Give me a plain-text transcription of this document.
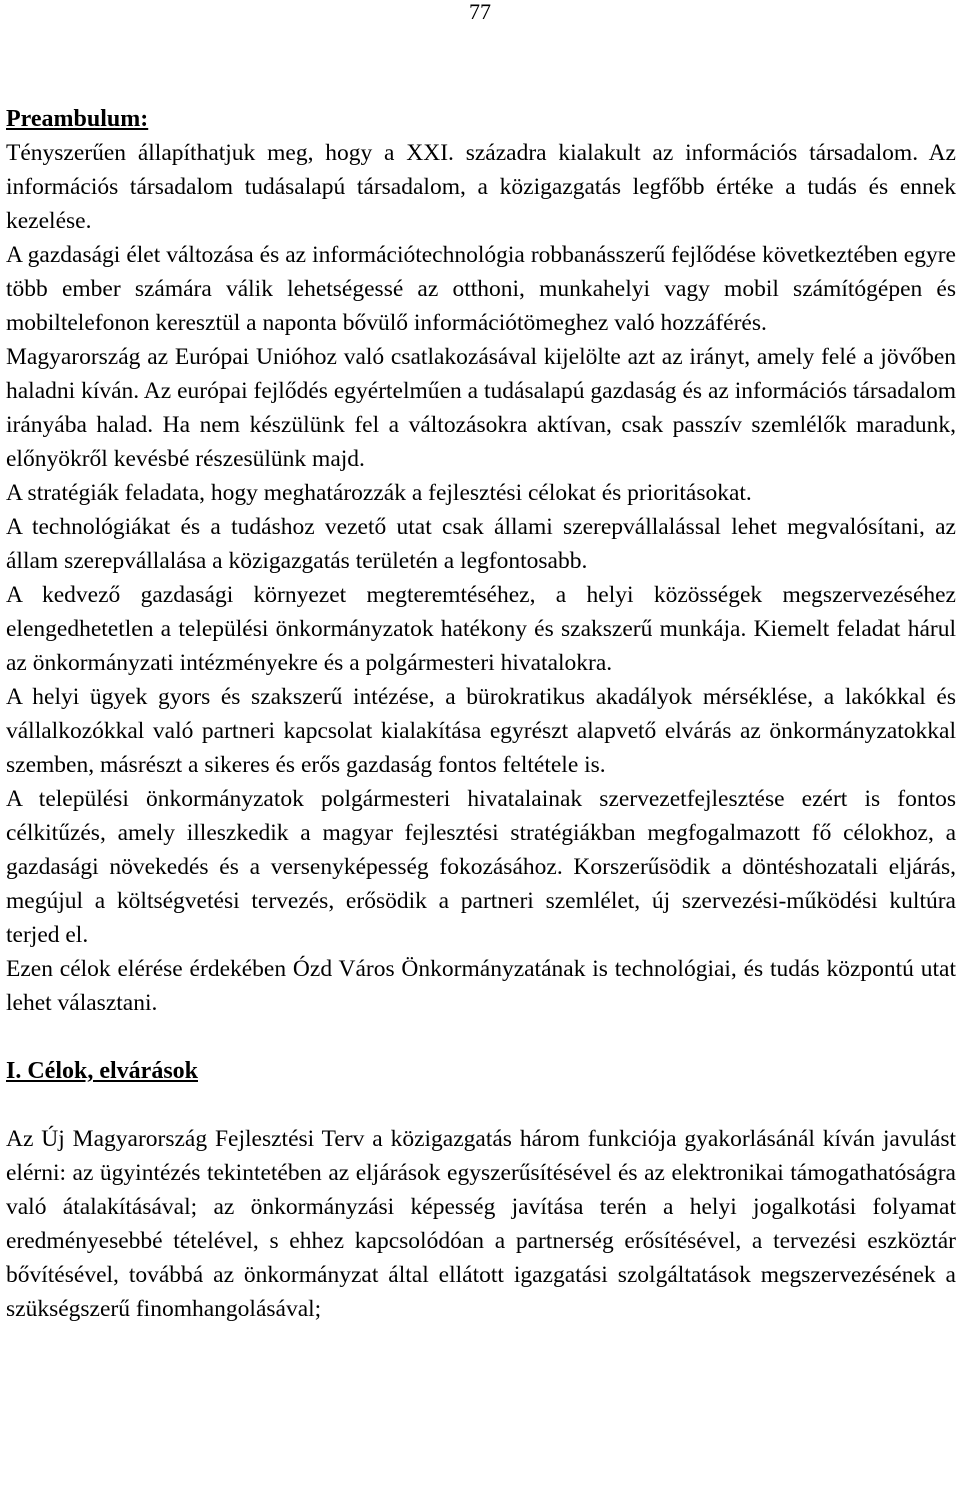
77

Preambulum:

Tényszerűen állapíthatjuk meg, hogy a XXI. századra kialakult az információs társadalom. Az információs társadalom tudásalapú társadalom, a közigazgatás legfőbb értéke a tudás és ennek kezelése.

A gazdasági élet változása és az információtechnológia robbanásszerű fejlődése következtében egyre több ember számára válik lehetségessé az otthoni, munkahelyi vagy mobil számítógépen és mobiltelefonon keresztül a naponta bővülő információtömeghez való hozzáférés.

Magyarország az Európai Unióhoz való csatlakozásával kijelölte azt az irányt, amely felé a jövőben haladni kíván. Az európai fejlődés egyértelműen a tudásalapú gazdaság és az információs társadalom irányába halad. Ha nem készülünk fel a változásokra aktívan, csak passzív szemlélők maradunk, előnyökről kevésbé részesülünk majd.

A stratégiák feladata, hogy meghatározzák a fejlesztési célokat és prioritásokat.

A technológiákat és a tudáshoz vezető utat csak állami szerepvállalással lehet megvalósítani, az állam szerepvállalása a közigazgatás területén a legfontosabb.

A kedvező gazdasági környezet megteremtéséhez, a helyi közösségek megszervezéséhez elengedhetetlen a települési önkormányzatok hatékony és szakszerű munkája. Kiemelt feladat hárul az önkormányzati intézményekre és a polgármesteri hivatalokra.

A helyi ügyek gyors és szakszerű intézése, a bürokratikus akadályok mérséklése, a lakókkal és vállalkozókkal való partneri kapcsolat kialakítása egyrészt alapvető elvárás az önkormányzatokkal szemben, másrészt a sikeres és erős gazdaság fontos feltétele is.

A települési önkormányzatok polgármesteri hivatalainak szervezetfejlesztése ezért is fontos célkitűzés, amely illeszkedik a magyar fejlesztési stratégiákban megfogalmazott fő célokhoz, a gazdasági növekedés és a versenyképesség fokozásához. Korszerűsödik a döntéshozatali eljárás, megújul a költségvetési tervezés, erősödik a partneri szemlélet, új szervezési-működési kultúra terjed el.

Ezen célok elérése érdekében Ózd Város Önkormányzatának is technológiai, és tudás központú utat lehet választani.

I. Célok, elvárások

Az Új Magyarország Fejlesztési Terv a közigazgatás három funkciója gyakorlásánál kíván javulást elérni: az ügyintézés tekintetében az eljárások egyszerűsítésével és az elektronikai támogathatóságra való átalakításával; az önkormányzási képesség javítása terén a helyi jogalkotási folyamat eredményesebbé tételével, s ehhez kapcsolódóan a partnerség erősítésével, a tervezési eszköztár bővítésével, továbbá az önkormányzat által ellátott igazgatási szolgáltatások megszervezésének a szükségszerű finomhangolásával;
